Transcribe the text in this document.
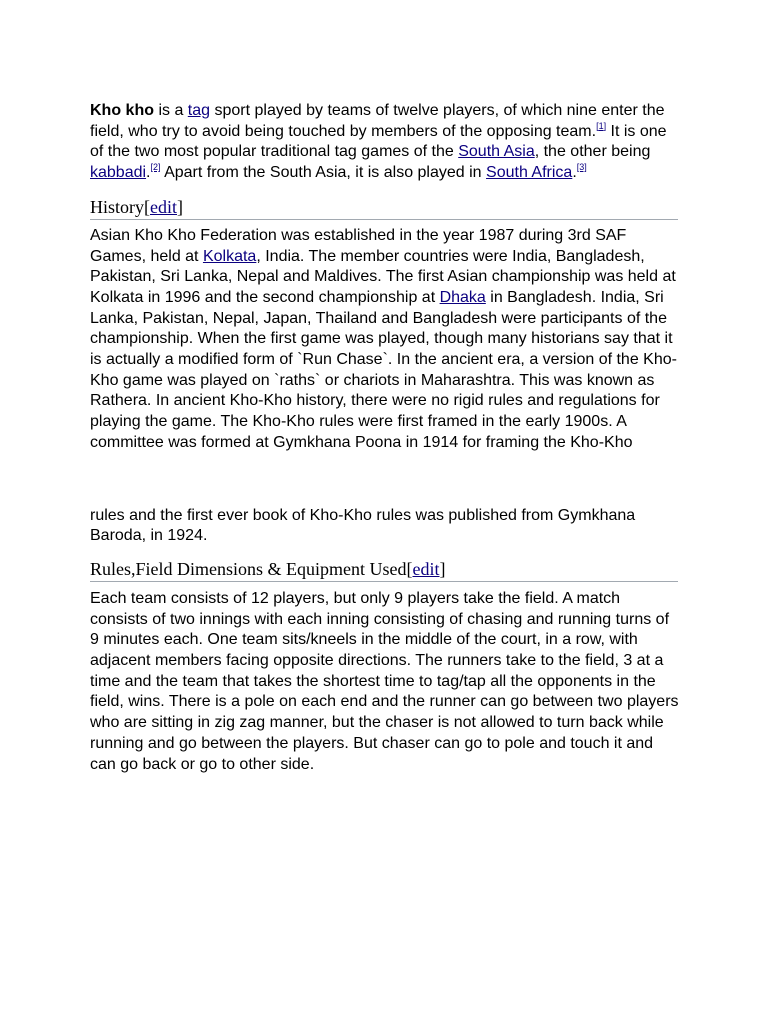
Kho kho is a tag sport played by teams of twelve players, of which nine enter the field, who try to avoid being touched by members of the opposing team.[1] It is one of the two most popular traditional tag games of the South Asia, the other being kabbadi.[2] Apart from the South Asia, it is also played in South Africa.[3]

History[edit]

Asian Kho Kho Federation was established in the year 1987 during 3rd SAF Games, held at Kolkata, India. The member countries were India, Bangladesh, Pakistan, Sri Lanka, Nepal and Maldives. The first Asian championship was held at Kolkata in 1996 and the second championship at Dhaka in Bangladesh. India, Sri Lanka, Pakistan, Nepal, Japan, Thailand and Bangladesh were participants of the championship. When the first game was played, though many historians say that it is actually a modified form of `Run Chase`. In the ancient era, a version of the Kho-Kho game was played on `raths` or chariots in Maharashtra. This was known as Rathera. In ancient Kho-Kho history, there were no rigid rules and regulations for playing the game. The Kho-Kho rules were first framed in the early 1900s. A committee was formed at Gymkhana Poona in 1914 for framing the Kho-Kho

rules and the first ever book of Kho-Kho rules was published from Gymkhana Baroda, in 1924.

Rules,Field Dimensions & Equipment Used[edit]

Each team consists of 12 players, but only 9 players take the field. A match consists of two innings with each inning consisting of chasing and running turns of 9 minutes each. One team sits/kneels in the middle of the court, in a row, with adjacent members facing opposite directions. The runners take to the field, 3 at a time and the team that takes the shortest time to tag/tap all the opponents in the field, wins. There is a pole on each end and the runner can go between two players who are sitting in zig zag manner, but the chaser is not allowed to turn back while running and go between the players. But chaser can go to pole and touch it and can go back or go to other side.
